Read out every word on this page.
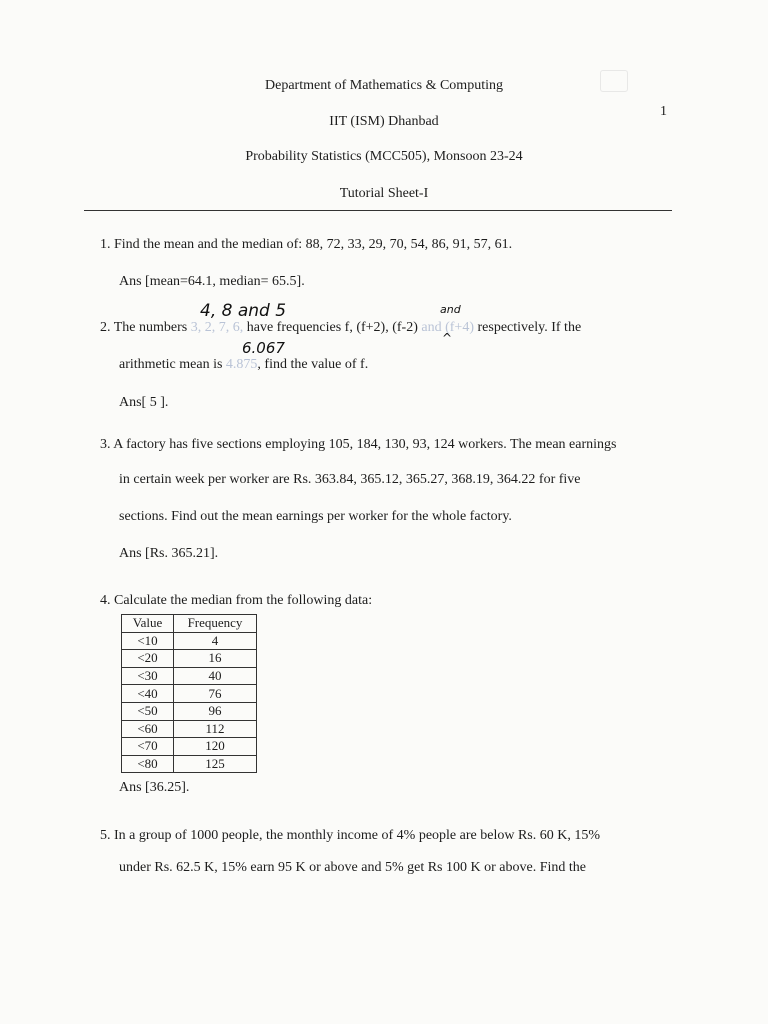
Department of Mathematics & Computing
IIT (ISM) Dhanbad
Probability Statistics (MCC505), Monsoon 23-24
Tutorial Sheet-I
1
1. Find the mean and the median of: 88, 72, 33, 29, 70, 54, 86, 91, 57, 61.
Ans [mean=64.1, median= 65.5].
4, 8 and 5	and
^
6.067
2. The numbers 3, 2, 7, 6, have frequencies f, (f+2), (f-2) and (f+4) respectively. If the
arithmetic mean is 4.875, find the value of f.
Ans[ 5 ].
3. A factory has five sections employing 105, 184, 130, 93, 124 workers. The mean earnings
in certain week per worker are Rs. 363.84, 365.12, 365.27, 368.19, 364.22 for five
sections. Find out the mean earnings per worker for the whole factory.
Ans [Rs. 365.21].
4. Calculate the median from the following data:
Value	Frequency
<10	4
<20	16
<30	40
<40	76
<50	96
<60	112
<70	120
<80	125
Ans [36.25].
5. In a group of 1000 people, the monthly income of 4% people are below Rs. 60 K, 15%
under Rs. 62.5 K, 15% earn 95 K or above and 5% get Rs 100 K or above. Find the
